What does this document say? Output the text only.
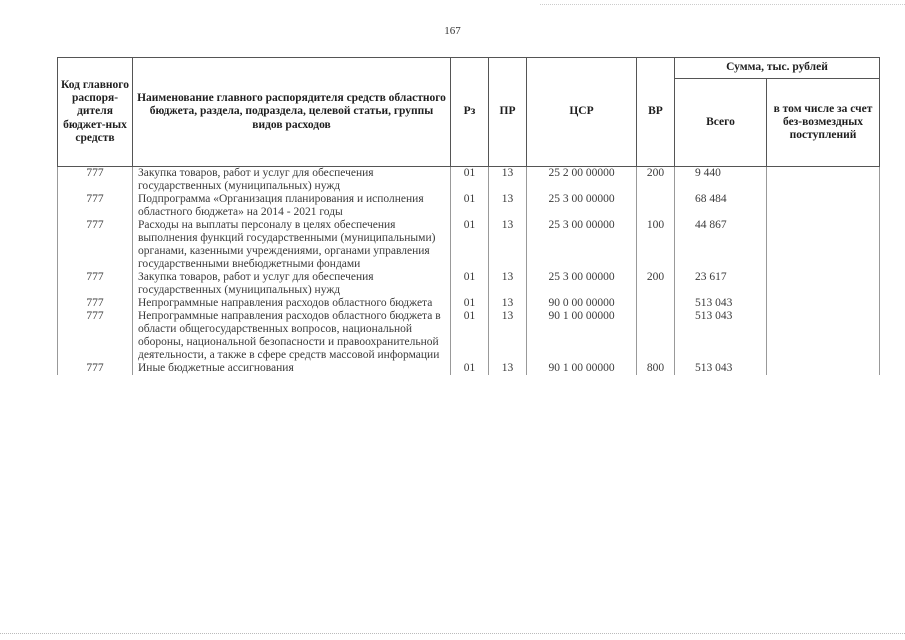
167
Код главного распоря-дителя бюджет-ных средств	Наименование главного распорядителя средств областного бюджета, раздела, подраздела, целевой статьи, группы видов расходов	Рз	ПР	ЦСР	ВР	Сумма, тыс. рублей	
						Всего	в том числе за счет без-возмездных поступлений
777	Закупка товаров, работ и услуг для обеспечения государственных (муниципальных) нужд	01	13	25 2 00 00000	200	9 440	
777	Подпрограмма «Организация планирования и исполнения областного бюджета» на 2014 - 2021 годы	01	13	25 3 00 00000		68 484	
777	Расходы на выплаты персоналу в целях обеспечения выполнения функций государственными (муниципальными) органами, казенными учреждениями, органами управления государственными внебюджетными фондами	01	13	25 3 00 00000	100	44 867	
777	Закупка товаров, работ и услуг для обеспечения государственных (муниципальных) нужд	01	13	25 3 00 00000	200	23 617	
777	Непрограммные направления расходов областного бюджета	01	13	90 0 00 00000		513 043	
777	Непрограммные направления расходов областного бюджета в области общегосударственных вопросов, национальной обороны, национальной безопасности и правоохранительной деятельности, а также в сфере средств массовой информации	01	13	90 1 00 00000		513 043	
777	Иные бюджетные ассигнования	01	13	90 1 00 00000	800	513 043	
